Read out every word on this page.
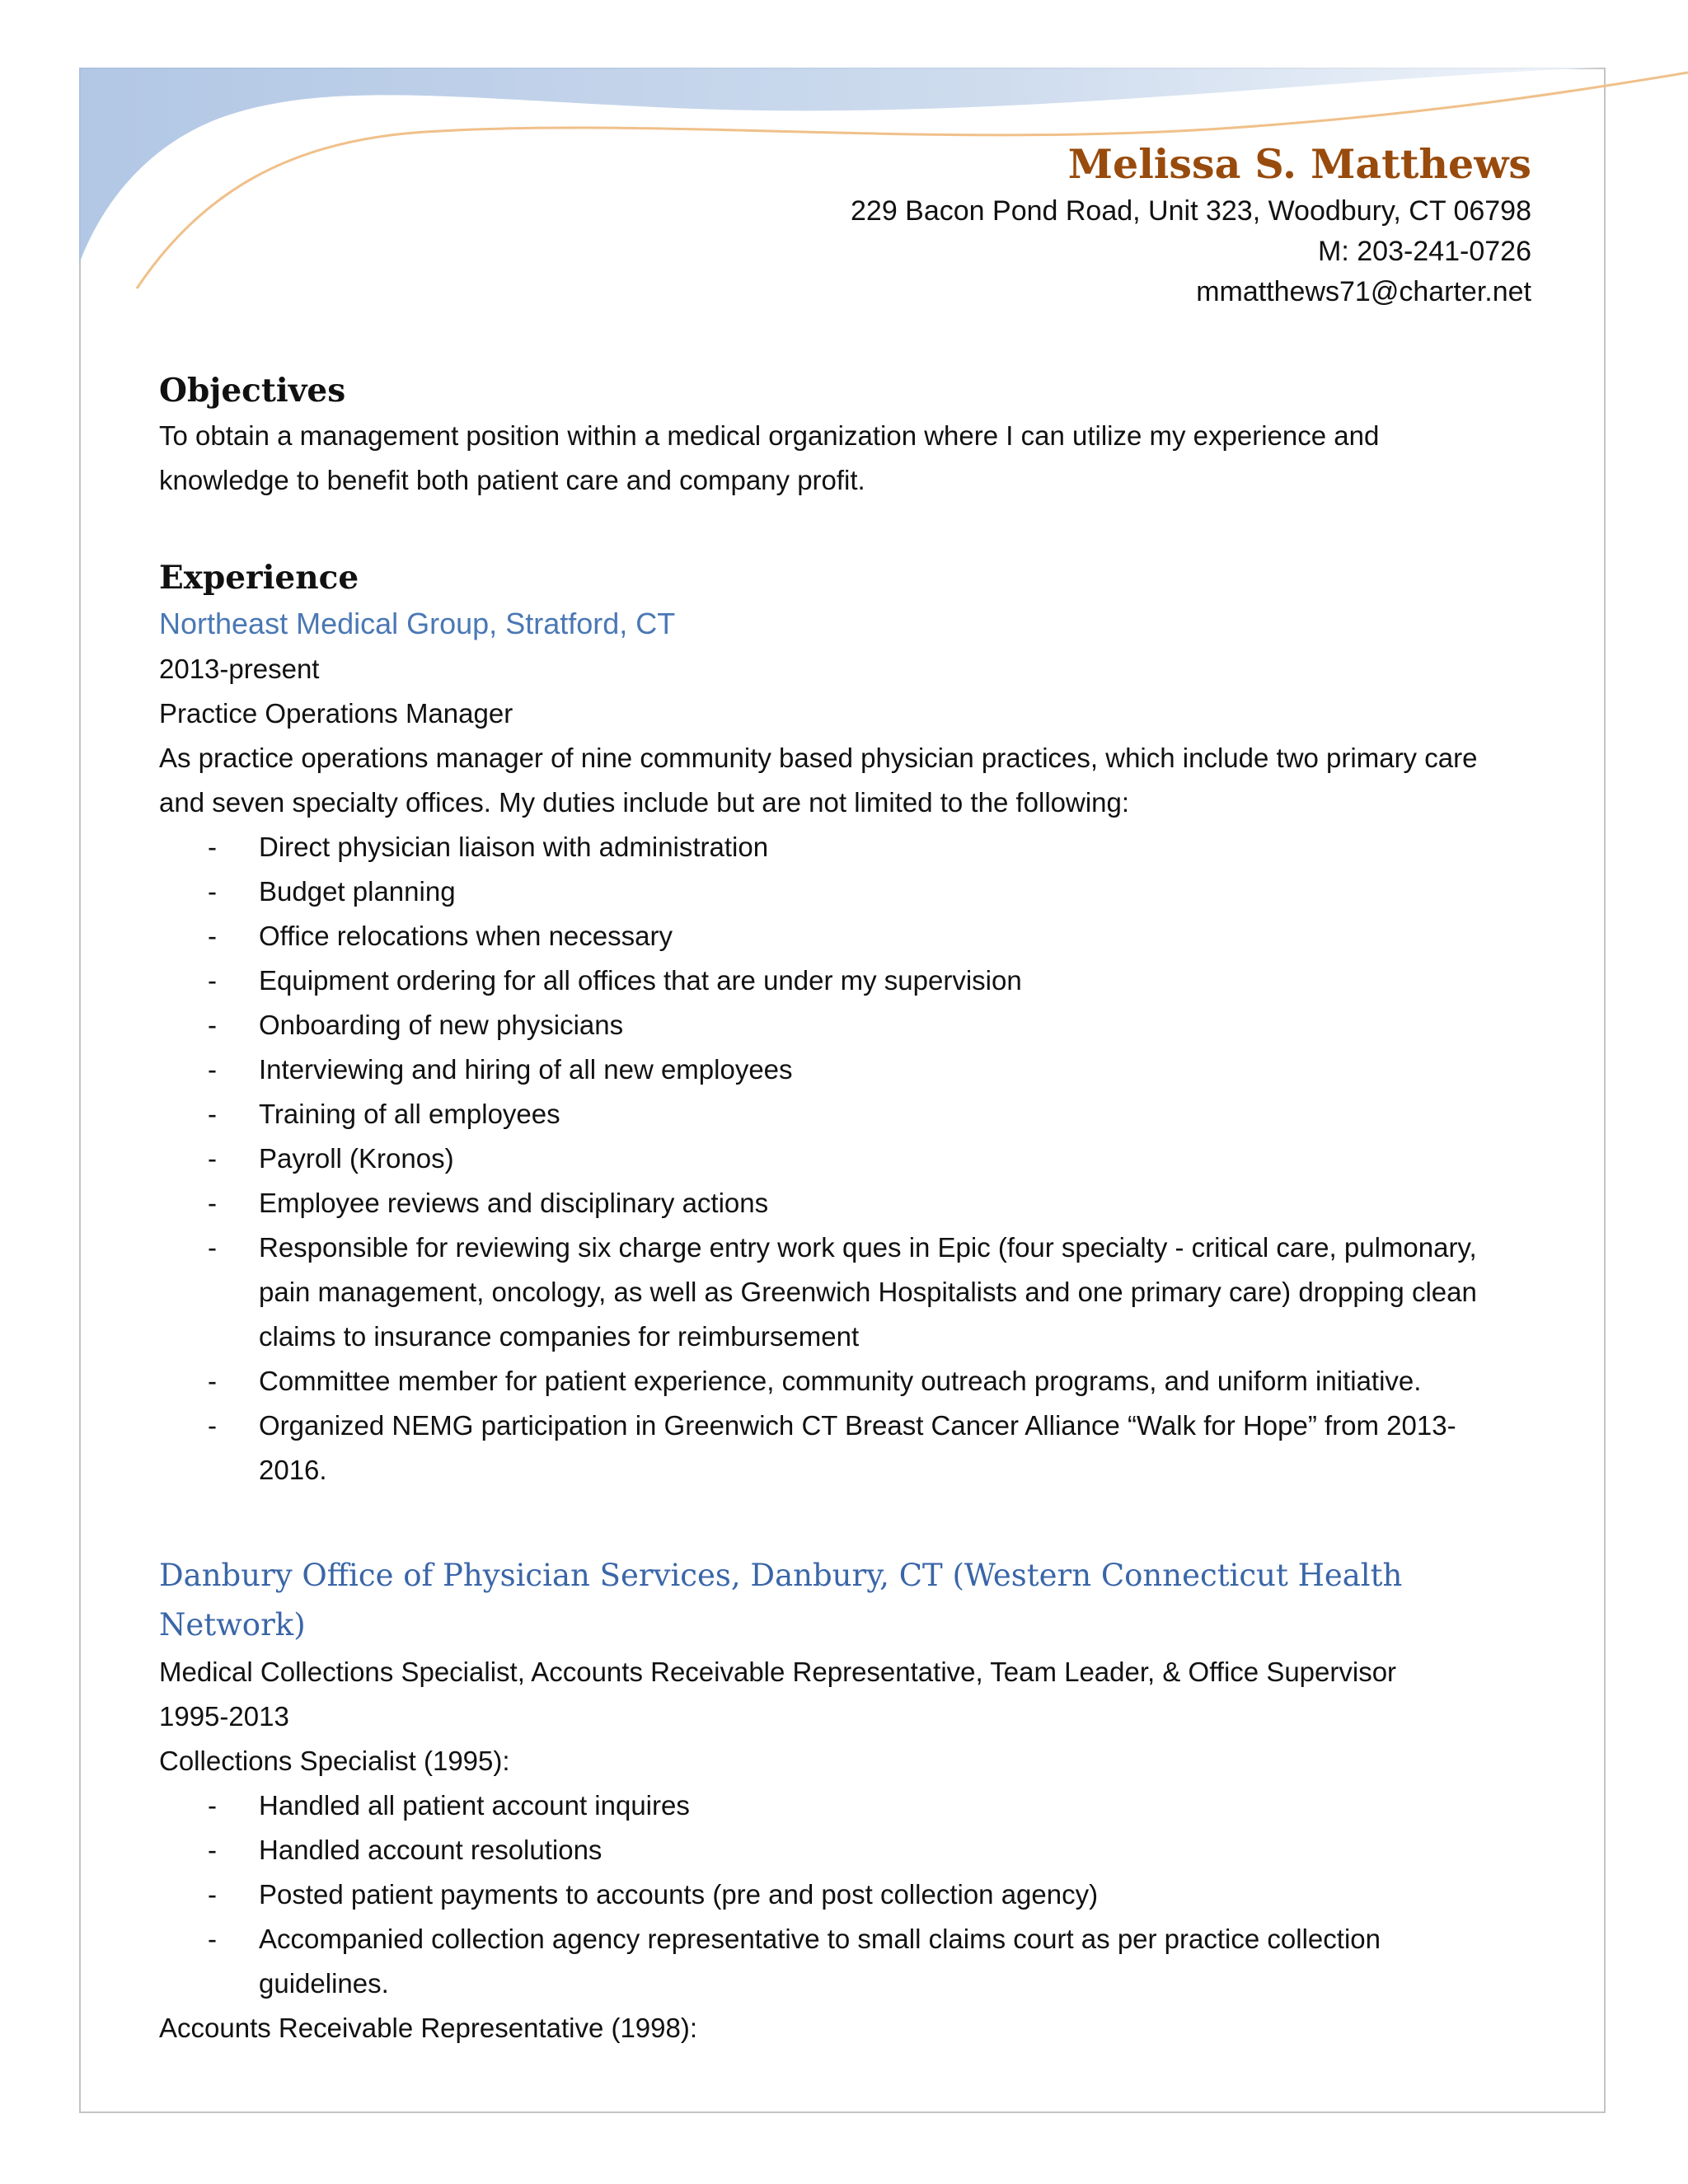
Melissa S. Matthews

229 Bacon Pond Road, Unit 323, Woodbury, CT 06798
M: 203-241-0726
mmatthews71@charter.net
Objectives
To obtain a management position within a medical organization where I can utilize my experience and
knowledge to benefit both patient care and company profit.
Experience
Northeast Medical Group, Stratford, CT
2013-present
Practice Operations Manager
As practice operations manager of nine community based physician practices, which include two primary care
and seven specialty offices. My duties include but are not limited to the following:
- Direct physician liaison with administration
- Budget planning
- Office relocations when necessary
- Equipment ordering for all offices that are under my supervision
- Onboarding of new physicians
- Interviewing and hiring of all new employees
- Training of all employees
- Payroll (Kronos)
- Employee reviews and disciplinary actions
- Responsible for reviewing six charge entry work ques in Epic (four specialty - critical care, pulmonary,
pain management, oncology, as well as Greenwich Hospitalists and one primary care) dropping clean
claims to insurance companies for reimbursement
- Committee member for patient experience, community outreach programs, and uniform initiative.
- Organized NEMG participation in Greenwich CT Breast Cancer Alliance “Walk for Hope” from 2013-
2016.
Danbury Office of Physician Services, Danbury, CT (Western Connecticut Health Network)
Medical Collections Specialist, Accounts Receivable Representative, Team Leader, & Office Supervisor
1995-2013
Collections Specialist (1995):
- Handled all patient account inquires
- Handled account resolutions
- Posted patient payments to accounts (pre and post collection agency)
- Accompanied collection agency representative to small claims court as per practice collection
guidelines.
Accounts Receivable Representative (1998):
